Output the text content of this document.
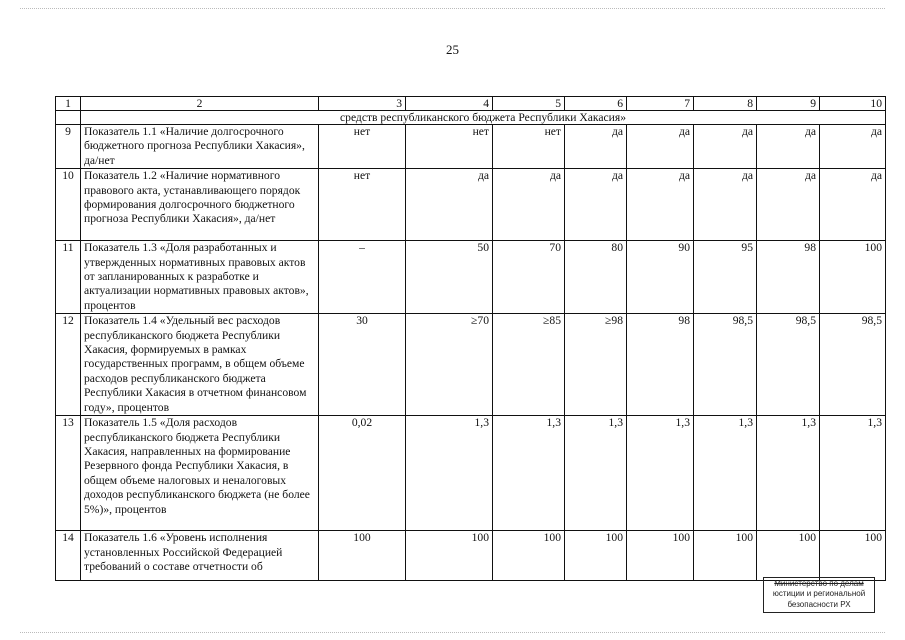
25
1	2	3	4	5	6	7	8	9	10
	средств республиканского бюджета Республики Хакасия»								
9	Показатель 1.1 «Наличие долгосрочного бюджетного прогноза Республики Хакасия», да/нет	нет	нет	нет	да	да	да	да	да
10	Показатель 1.2 «Наличие нормативного правового акта, устанавливающего порядок формирования долгосрочного бюджетного прогноза Республики Хакасия», да/нет	нет	да	да	да	да	да	да	да
11	Показатель 1.3 «Доля разработанных и утвержденных нормативных правовых актов от запланированных к разработке и актуализации нормативных правовых актов», процентов	–	50	70	80	90	95	98	100
12	Показатель 1.4 «Удельный вес расходов республиканского бюджета Республики Хакасия, формируемых в рамках государственных программ, в общем объеме расходов республиканского бюджета Республики Хакасия в отчетном финансовом году», процентов	30	≥70	≥85	≥98	98	98,5	98,5	98,5
13	Показатель 1.5 «Доля расходов республиканского бюджета Республики Хакасия, направленных на формирование Резервного фонда Республики Хакасия, в общем объеме налоговых и неналоговых доходов республиканского бюджета (не более 5%)», процентов	0,02	1,3	1,3	1,3	1,3	1,3	1,3	1,3
14	Показатель 1.6 «Уровень исполнения установленных Российской Федерацией требований о составе отчетности об	100	100	100	100	100	100	100	100
Министерство по делам
юстиции и региональной
безопасности РХ
